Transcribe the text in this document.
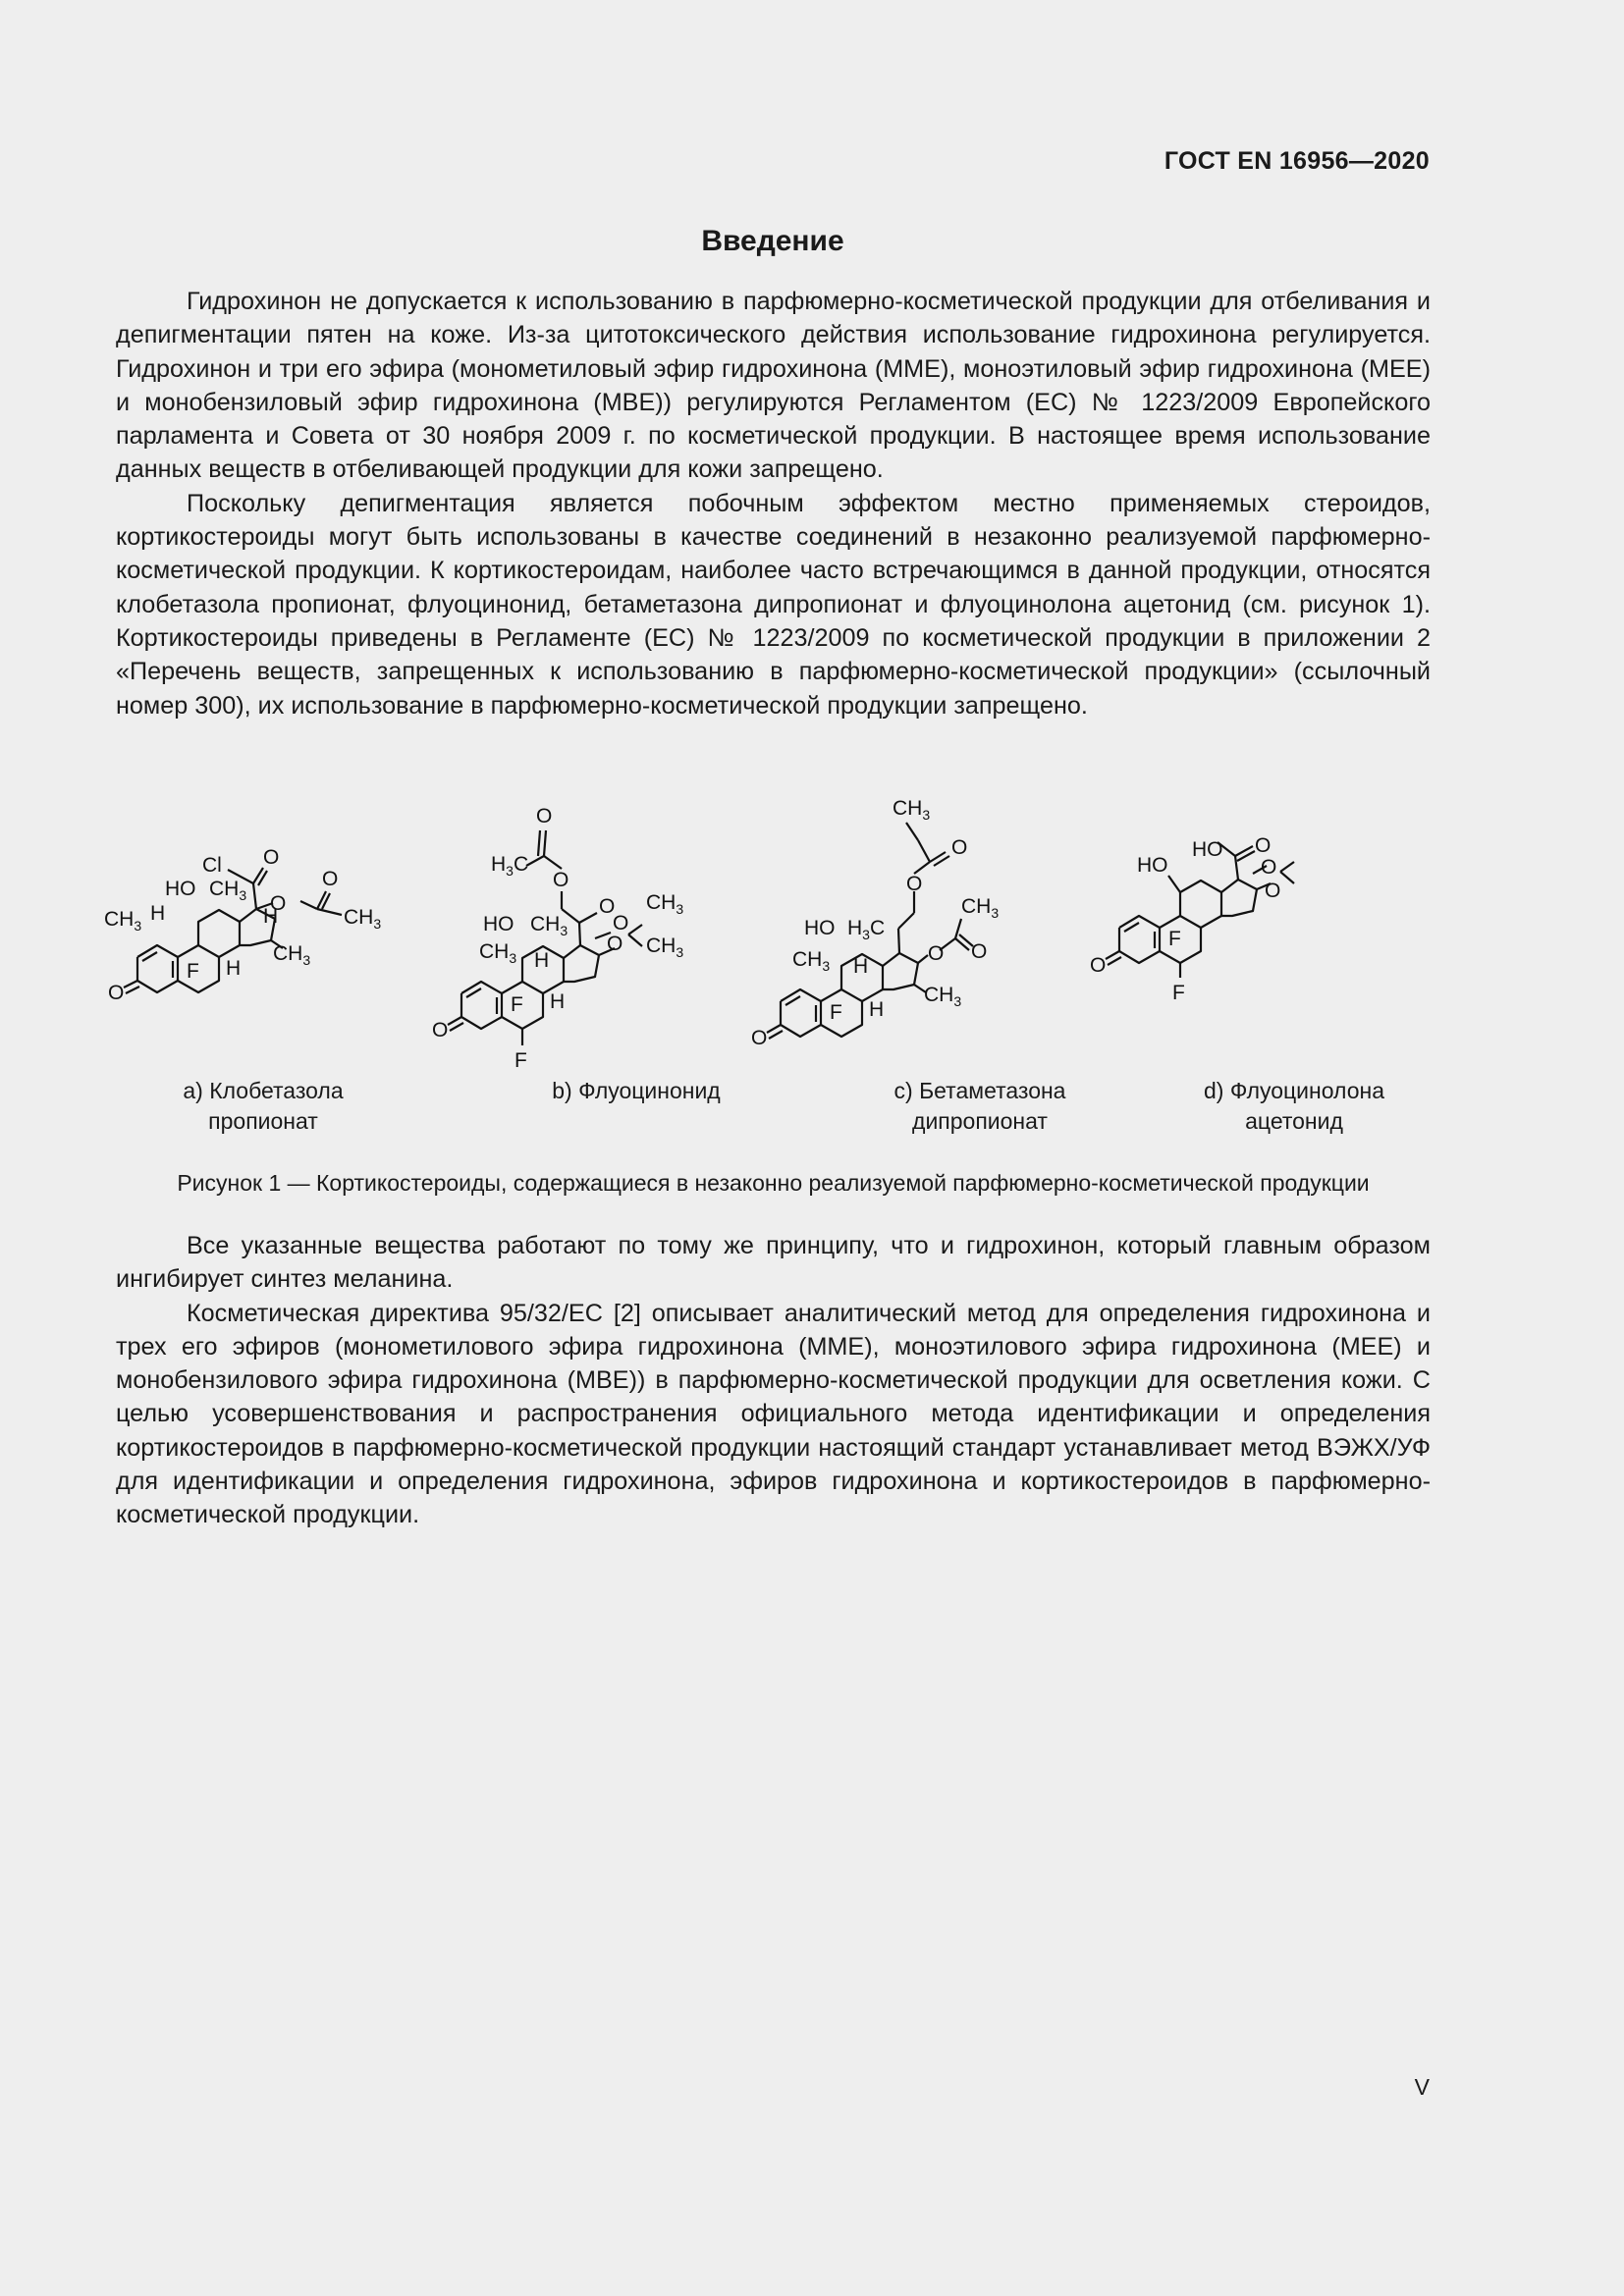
ГОСТ EN 16956—2020
Введение

Гидрохинон не допускается к использованию в парфюмерно-косметической продукции для отбеливания и депигментации пятен на коже. Из-за цитотоксического действия использование гидрохинона регулируется. Гидрохинон и три его эфира (монометиловый эфир гидрохинона (MME), моноэтиловый эфир гидрохинона (MEE) и монобензиловый эфир гидрохинона (MBE)) регулируются Регламентом (ЕС) № 1223/2009 Европейского парламента и Совета от 30 ноября 2009 г. по косметической продукции. В настоящее время использование данных веществ в отбеливающей продукции для кожи запрещено.

Поскольку депигментация является побочным эффектом местно применяемых стероидов, кортикостероиды могут быть использованы в качестве соединений в незаконно реализуемой парфюмерно-косметической продукции. К кортикостероидам, наиболее часто встречающимся в данной продукции, относятся клобетазола пропионат, флуоцинонид, бетаметазона дипропионат и флуоцинолона ацетонид (см. рисунок 1). Кортикостероиды приведены в Регламенте (ЕС) № 1223/2009 по косметической продукции в приложении 2 «Перечень веществ, запрещенных к использованию в парфюмерно-косметической продукции» (ссылочный номер 300), их использование в парфюмерно-косметической продукции запрещено.

Cl O
O
O
$CH_3$
HO $CH_3$
H
$CH_3$
F H
H
$CH_3$
O
O
$H_3C$
O
O
HO $CH_3$
$CH_3$ H
O
O
$CH_3$
$CH_3$
F H
F
O
$CH_3$
O
O
$CH_3$
HO $H_3C$
O O
$CH_3$ H
F H
$CH_3$
O
HO O
HO	O
O
F
F
O
a) Клобетазола
пропионат
b) Флуоцинонид	c) Бетаметазона
дипропионат
d) Флуоцинолона
ацетонид
Рисунок 1 — Кортикостероиды, содержащиеся в незаконно реализуемой парфюмерно-косметической продукции

Все указанные вещества работают по тому же принципу, что и гидрохинон, который главным образом ингибирует синтез меланина.

Косметическая директива 95/32/ЕС [2] описывает аналитический метод для определения гидрохинона и трех его эфиров (монометилового эфира гидрохинона (MME), моноэтилового эфира гидрохинона (MEE) и монобензилового эфира гидрохинона (MBE)) в парфюмерно-косметической продукции для осветления кожи. С целью усовершенствования и распространения официального метода идентификации и определения кортикостероидов в парфюмерно-косметической продукции настоящий стандарт устанавливает метод ВЭЖХ/УФ для идентификации и определения гидрохинона, эфиров гидрохинона и кортикостероидов в парфюмерно-косметической продукции.

V
